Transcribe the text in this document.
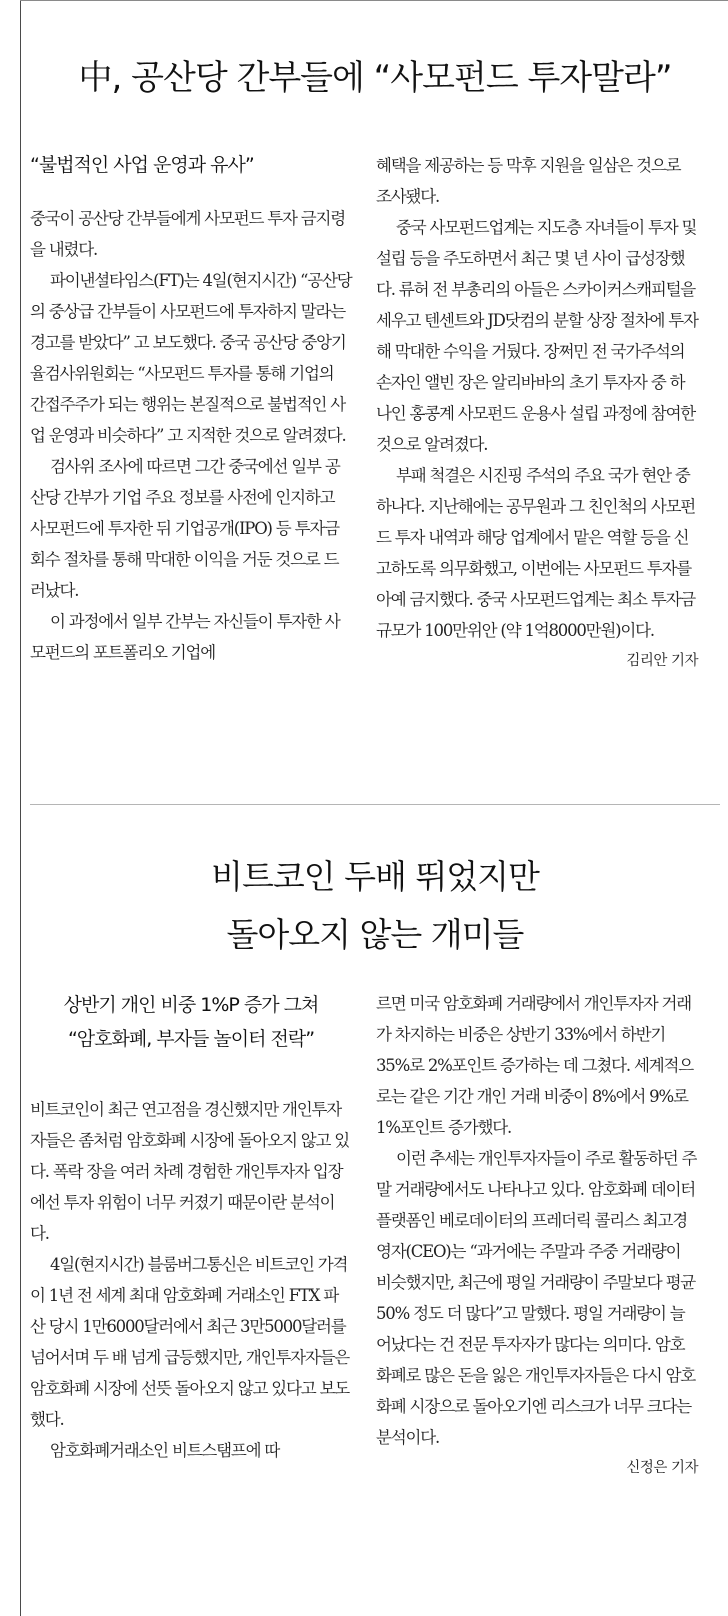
中, 공산당 간부들에 “사모펀드 투자말라”

“불법적인 사업 운영과 유사”

중국이 공산당 간부들에게 사모펀드 투자 금지령을 내렸다.

파이낸셜타임스(FT)는 4일(현지시간) “공산당의 중상급 간부들이 사모펀드에 투자하지 말라는 경고를 받았다” 고 보도했다. 중국 공산당 중앙기율검사위원회는 “사모펀드 투자를 통해 기업의 간접주주가 되는 행위는 본질적으로 불법적인 사업 운영과 비슷하다” 고 지적한 것으로 알려졌다.

검사위 조사에 따르면 그간 중국에선 일부 공산당 간부가 기업 주요 정보를 사전에 인지하고 사모펀드에 투자한 뒤 기업공개(IPO) 등 투자금 회수 절차를 통해 막대한 이익을 거둔 것으로 드러났다.

이 과정에서 일부 간부는 자신들이 투자한 사모펀드의 포트폴리오 기업에

혜택을 제공하는 등 막후 지원을 일삼은 것으로 조사됐다.

중국 사모펀드업계는 지도층 자녀들이 투자 및 설립 등을 주도하면서 최근 몇 년 사이 급성장했다. 류허 전 부총리의 아들은 스카이커스캐피털을 세우고 텐센트와 JD닷컴의 분할 상장 절차에 투자해 막대한 수익을 거뒀다. 장쩌민 전 국가주석의 손자인 앨빈 장은 알리바바의 초기 투자자 중 하나인 홍콩계 사모펀드 운용사 설립 과정에 참여한 것으로 알려졌다.

부패 척결은 시진핑 주석의 주요 국가 현안 중 하나다. 지난해에는 공무원과 그 친인척의 사모펀드 투자 내역과 해당 업계에서 맡은 역할 등을 신고하도록 의무화했고, 이번에는 사모펀드 투자를 아예 금지했다. 중국 사모펀드업계는 최소 투자금 규모가 100만위안 (약 1억8000만원)이다.

김리안 기자
비트코인 두배 뛰었지만
돌아오지 않는 개미들

상반기 개인 비중 1%P 증가 그쳐
“암호화폐, 부자들 놀이터 전락”

비트코인이 최근 연고점을 경신했지만 개인투자자들은 좀처럼 암호화폐 시장에 돌아오지 않고 있다. 폭락 장을 여러 차례 경험한 개인투자자 입장에선 투자 위험이 너무 커졌기 때문이란 분석이다.

4일(현지시간) 블룸버그통신은 비트코인 가격이 1년 전 세계 최대 암호화폐 거래소인 FTX 파산 당시 1만6000달러에서 최근 3만5000달러를 넘어서며 두 배 넘게 급등했지만, 개인투자자들은 암호화폐 시장에 선뜻 돌아오지 않고 있다고 보도했다.

암호화폐거래소인 비트스탬프에 따

르면 미국 암호화폐 거래량에서 개인투자자 거래가 차지하는 비중은 상반기 33%에서 하반기 35%로 2%포인트 증가하는 데 그쳤다. 세계적으로는 같은 기간 개인 거래 비중이 8%에서 9%로 1%포인트 증가했다.

이런 추세는 개인투자자들이 주로 활동하던 주말 거래량에서도 나타나고 있다. 암호화폐 데이터 플랫폼인 베로데이터의 프레더릭 콜리스 최고경영자(CEO)는 “과거에는 주말과 주중 거래량이 비슷했지만, 최근에 평일 거래량이 주말보다 평균 50% 정도 더 많다”고 말했다. 평일 거래량이 늘어났다는 건 전문 투자자가 많다는 의미다. 암호화폐로 많은 돈을 잃은 개인투자자들은 다시 암호화폐 시장으로 돌아오기엔 리스크가 너무 크다는 분석이다.

신정은 기자
